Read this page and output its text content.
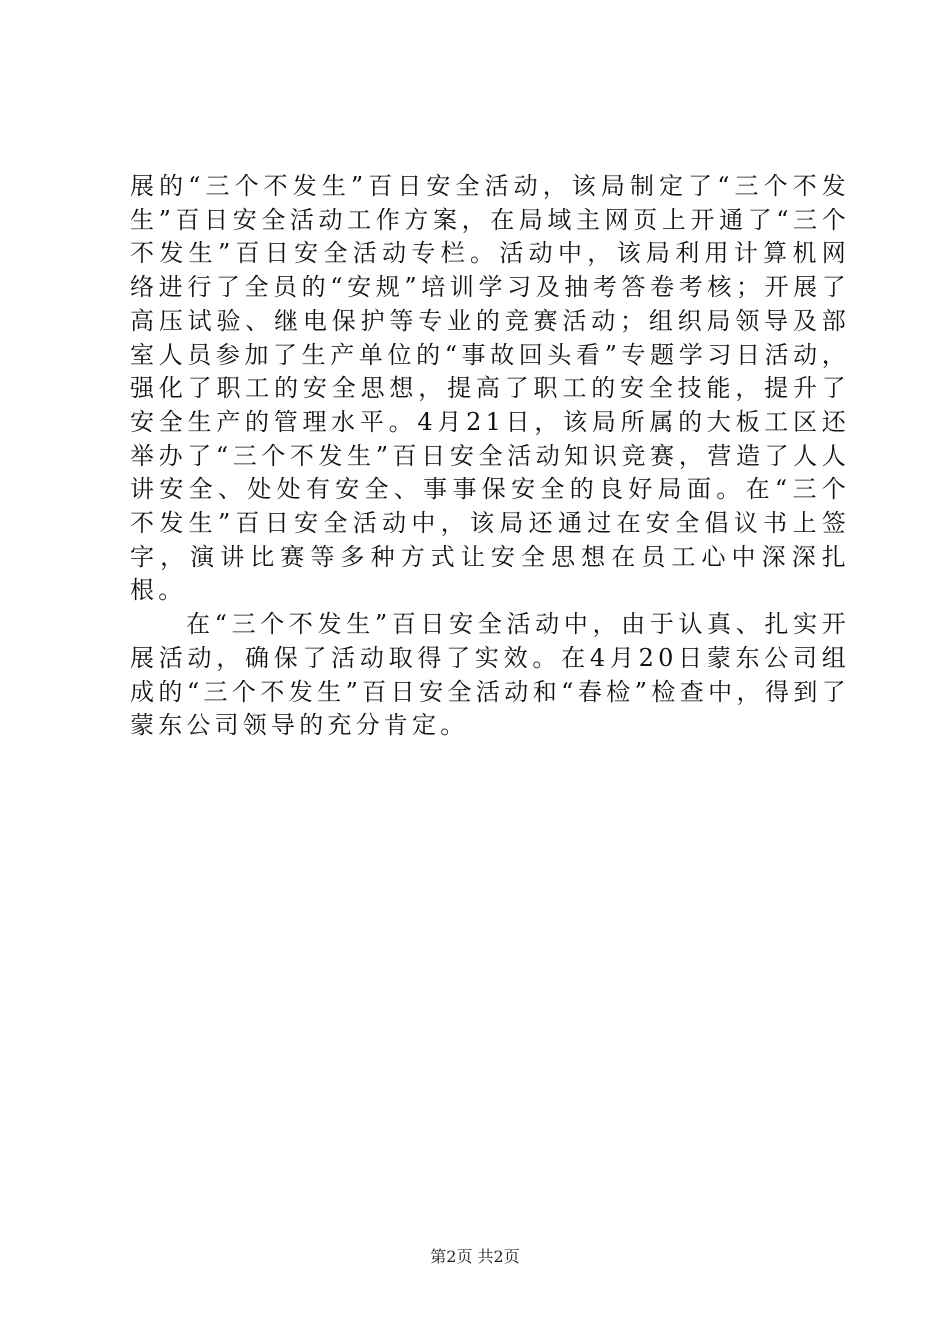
展的“三个不发生”百日安全活动，该局制定了“三个不发生”百日安全活动工作方案，在局域主网页上开通了“三个不发生”百日安全活动专栏。活动中，该局利用计算机网络进行了全员的“安规”培训学习及抽考答卷考核；开展了高压试验、继电保护等专业的竞赛活动；组织局领导及部室人员参加了生产单位的“事故回头看”专题学习日活动，强化了职工的安全思想，提高了职工的安全技能，提升了安全生产的管理水平。4月21日，该局所属的大板工区还举办了“三个不发生”百日安全活动知识竞赛，营造了人人讲安全、处处有安全、事事保安全的良好局面。在“三个不发生”百日安全活动中，该局还通过在安全倡议书上签字，演讲比赛等多种方式让安全思想在员工心中深深扎根。

在“三个不发生”百日安全活动中，由于认真、扎实开展活动，确保了活动取得了实效。在4月20日蒙东公司组成的“三个不发生”百日安全活动和“春检”检查中，得到了蒙东公司领导的充分肯定。

第2页 共2页
